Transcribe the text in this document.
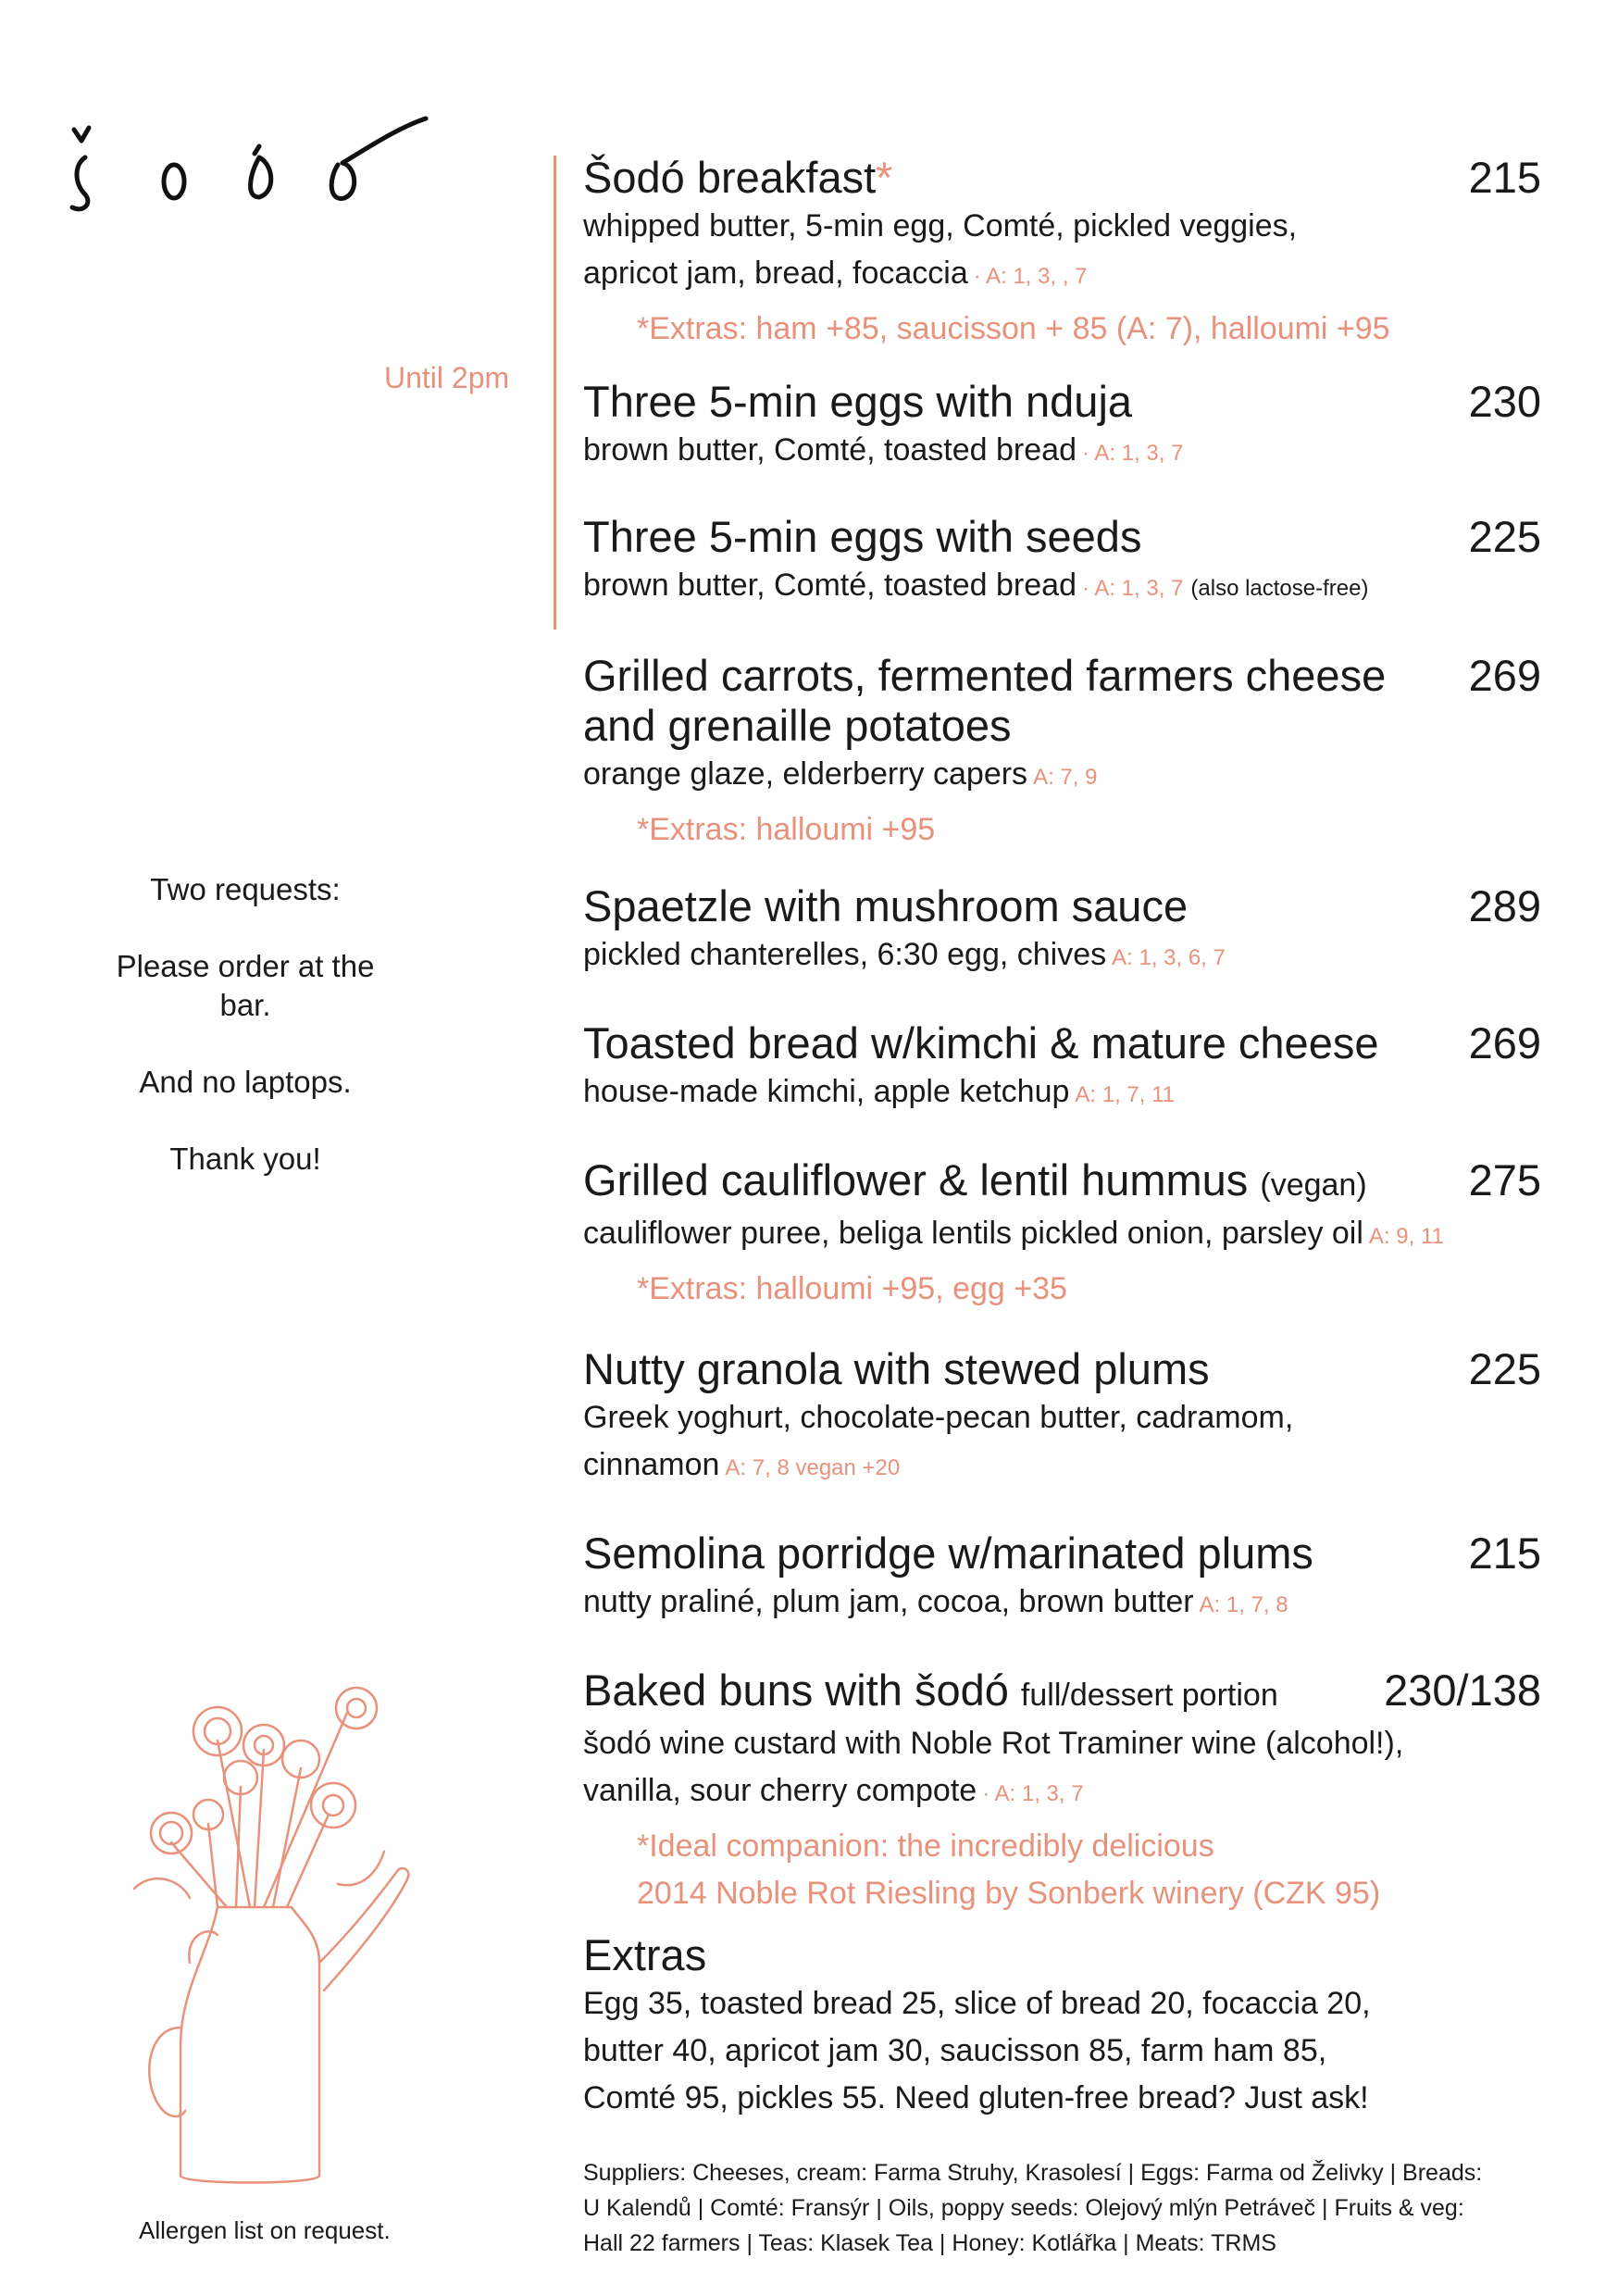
Until 2pm

Two requests:

Please order at the bar.

And no laptops.

Thank you!

Allergen list on request.
Šodó breakfast*	215
whipped butter, 5-min egg, Comté, pickled veggies,
apricot jam, bread, focaccia · A: 1, 3, , 7
*Extras: ham +85, saucisson + 85 (A: 7), halloumi +95
Three 5-min eggs with nduja	230
brown butter, Comté, toasted bread · A: 1, 3, 7
Three 5-min eggs with seeds	225
brown butter, Comté, toasted bread · A: 1, 3, 7 (also lactose-free)
Grilled carrots, fermented farmers cheese and grenaille potatoes
269
orange glaze, elderberry capers A: 7, 9
*Extras: halloumi +95
Spaetzle with mushroom sauce	289
pickled chanterelles, 6:30 egg, chives A: 1, 3, 6, 7
Toasted bread w/kimchi & mature cheese 269
house-made kimchi, apple ketchup A: 1, 7, 11
Grilled cauliflower & lentil hummus (vegan) 275
cauliflower puree, beliga lentils pickled onion, parsley oil A: 9, 11
*Extras: halloumi +95, egg +35
Nutty granola with stewed plums	225
Greek yoghurt, chocolate-pecan butter, cadramom,
cinnamon A: 7, 8 vegan +20
Semolina porridge w/marinated plums	215
nutty praliné, plum jam, cocoa, brown butter A: 1, 7, 8
Baked buns with šodó full/dessert portion 230/138
šodó wine custard with Noble Rot Traminer wine (alcohol!),
vanilla, sour cherry compote · A: 1, 3, 7
*Ideal companion: the incredibly delicious
2014 Noble Rot Riesling by Sonberk winery (CZK 95)
Extras
Egg 35, toasted bread 25, slice of bread 20, focaccia 20,
butter 40, apricot jam 30, saucisson 85, farm ham 85,
Comté 95, pickles 55. Need gluten-free bread? Just ask!
Suppliers: Cheeses, cream: Farma Struhy, Krasolesí | Eggs: Farma od Želivky | Breads:
U Kalendů | Comté: Fransýr | Oils, poppy seeds: Olejový mlýn Petráveč | Fruits & veg:
Hall 22 farmers | Teas: Klasek Tea | Honey: Kotlářka | Meats: TRMS
